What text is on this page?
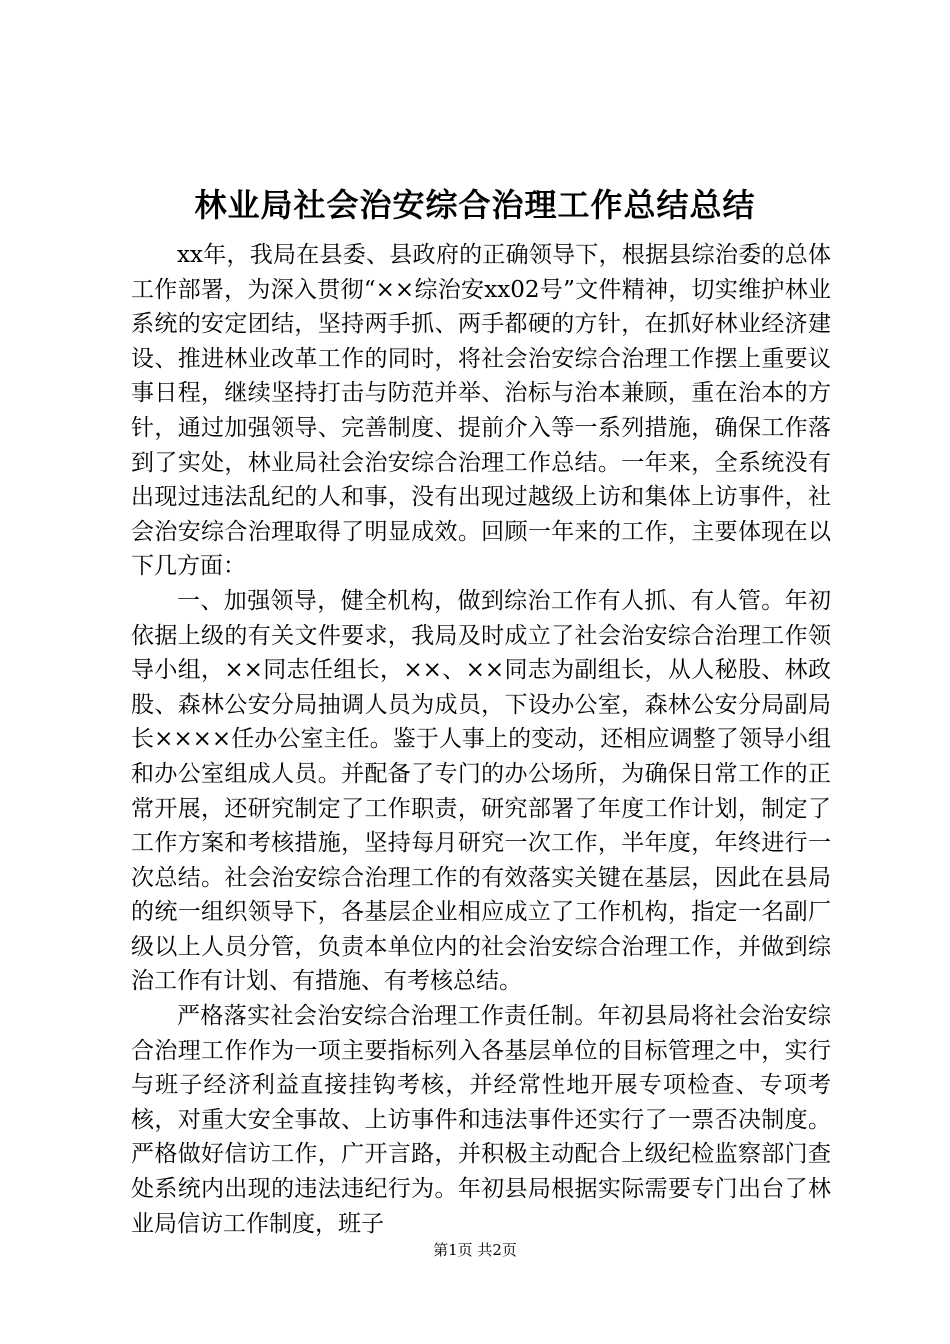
林业局社会治安综合治理工作总结总结

xx年，我局在县委、县政府的正确领导下，根据县综治委的总体工作部署，为深入贯彻“××综治安xx02号”文件精神，切实维护林业系统的安定团结，坚持两手抓、两手都硬的方针，在抓好林业经济建设、推进林业改革工作的同时，将社会治安综合治理工作摆上重要议事日程，继续坚持打击与防范并举、治标与治本兼顾，重在治本的方针，通过加强领导、完善制度、提前介入等一系列措施，确保工作落到了实处，林业局社会治安综合治理工作总结。一年来，全系统没有出现过违法乱纪的人和事，没有出现过越级上访和集体上访事件，社会治安综合治理取得了明显成效。回顾一年来的工作，主要体现在以下几方面：

一、加强领导，健全机构，做到综治工作有人抓、有人管。年初依据上级的有关文件要求，我局及时成立了社会治安综合治理工作领导小组，××同志任组长，××、××同志为副组长，从人秘股、林政股、森林公安分局抽调人员为成员，下设办公室，森林公安分局副局长××××任办公室主任。鉴于人事上的变动，还相应调整了领导小组和办公室组成人员。并配备了专门的办公场所，为确保日常工作的正常开展，还研究制定了工作职责，研究部署了年度工作计划，制定了工作方案和考核措施，坚持每月研究一次工作，半年度，年终进行一次总结。社会治安综合治理工作的有效落实关键在基层，因此在县局的统一组织领导下，各基层企业相应成立了工作机构，指定一名副厂级以上人员分管，负责本单位内的社会治安综合治理工作，并做到综治工作有计划、有措施、有考核总结。

严格落实社会治安综合治理工作责任制。年初县局将社会治安综合治理工作作为一项主要指标列入各基层单位的目标管理之中，实行与班子经济利益直接挂钩考核，并经常性地开展专项检查、专项考核，对重大安全事故、上访事件和违法事件还实行了一票否决制度。严格做好信访工作，广开言路，并积极主动配合上级纪检监察部门查处系统内出现的违法违纪行为。年初县局根据实际需要专门出台了林业局信访工作制度，班子

第1页 共2页
